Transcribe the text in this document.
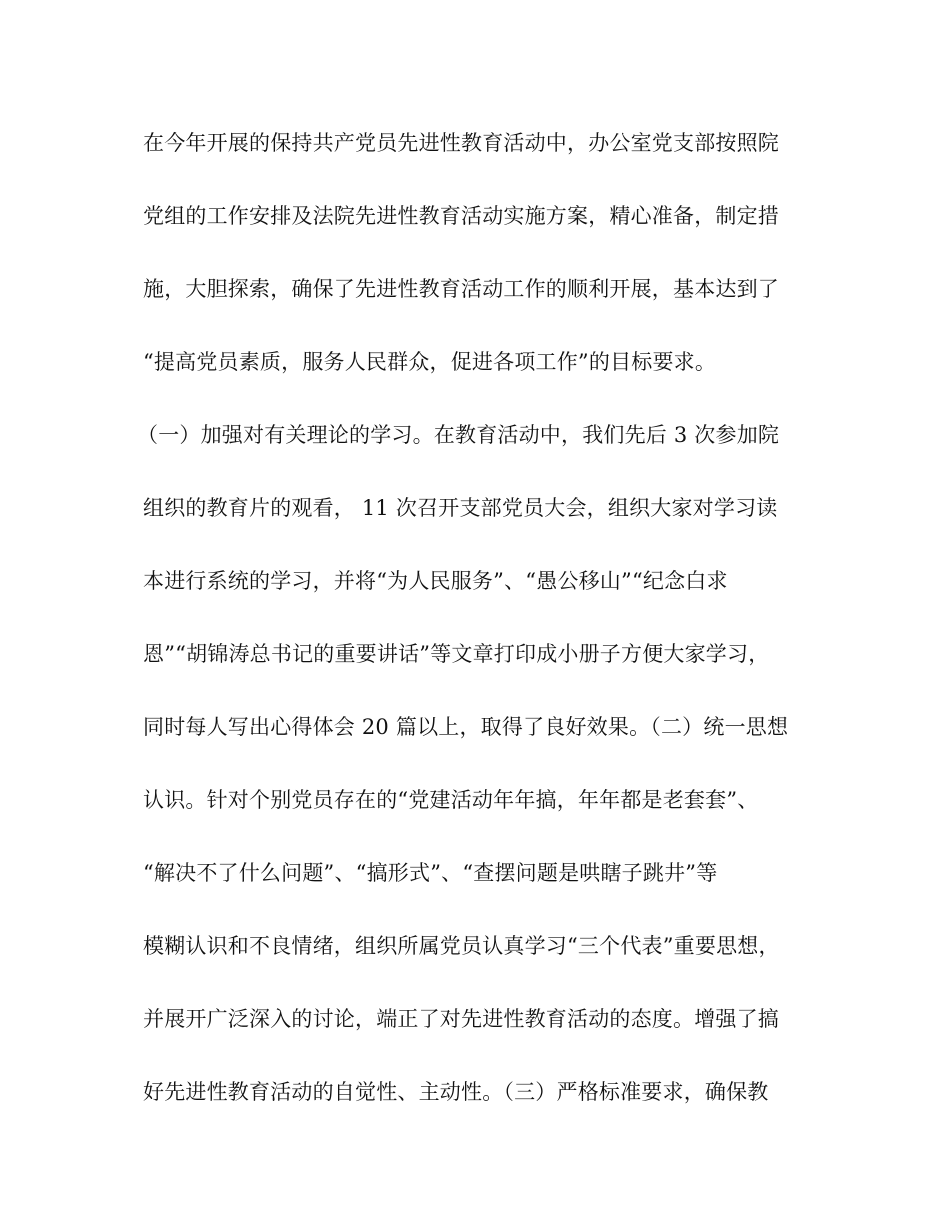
在今年开展的保持共产党员先进性教育活动中，办公室党支部按照院
党组的工作安排及法院先进性教育活动实施方案，精心准备，制定措
施，大胆探索，确保了先进性教育活动工作的顺利开展，基本达到了
“提高党员素质，服务人民群众，促进各项工作”的目标要求。
（一）加强对有关理论的学习。在教育活动中，我们先后 3 次参加院
组织的教育片的观看， 11 次召开支部党员大会，组织大家对学习读
本进行系统的学习，并将“为人民服务”、“愚公移山”“纪念白求
恩”“胡锦涛总书记的重要讲话”等文章打印成小册子方便大家学习，
同时每人写出心得体会 20 篇以上，取得了良好效果。（二）统一思想
认识。针对个别党员存在的“党建活动年年搞，年年都是老套套”、
“解决不了什么问题”、“搞形式”、“查摆问题是哄瞎子跳井”等
模糊认识和不良情绪，组织所属党员认真学习“三个代表”重要思想，
并展开广泛深入的讨论，端正了对先进性教育活动的态度。增强了搞
好先进性教育活动的自觉性、主动性。（三）严格标准要求，确保教
